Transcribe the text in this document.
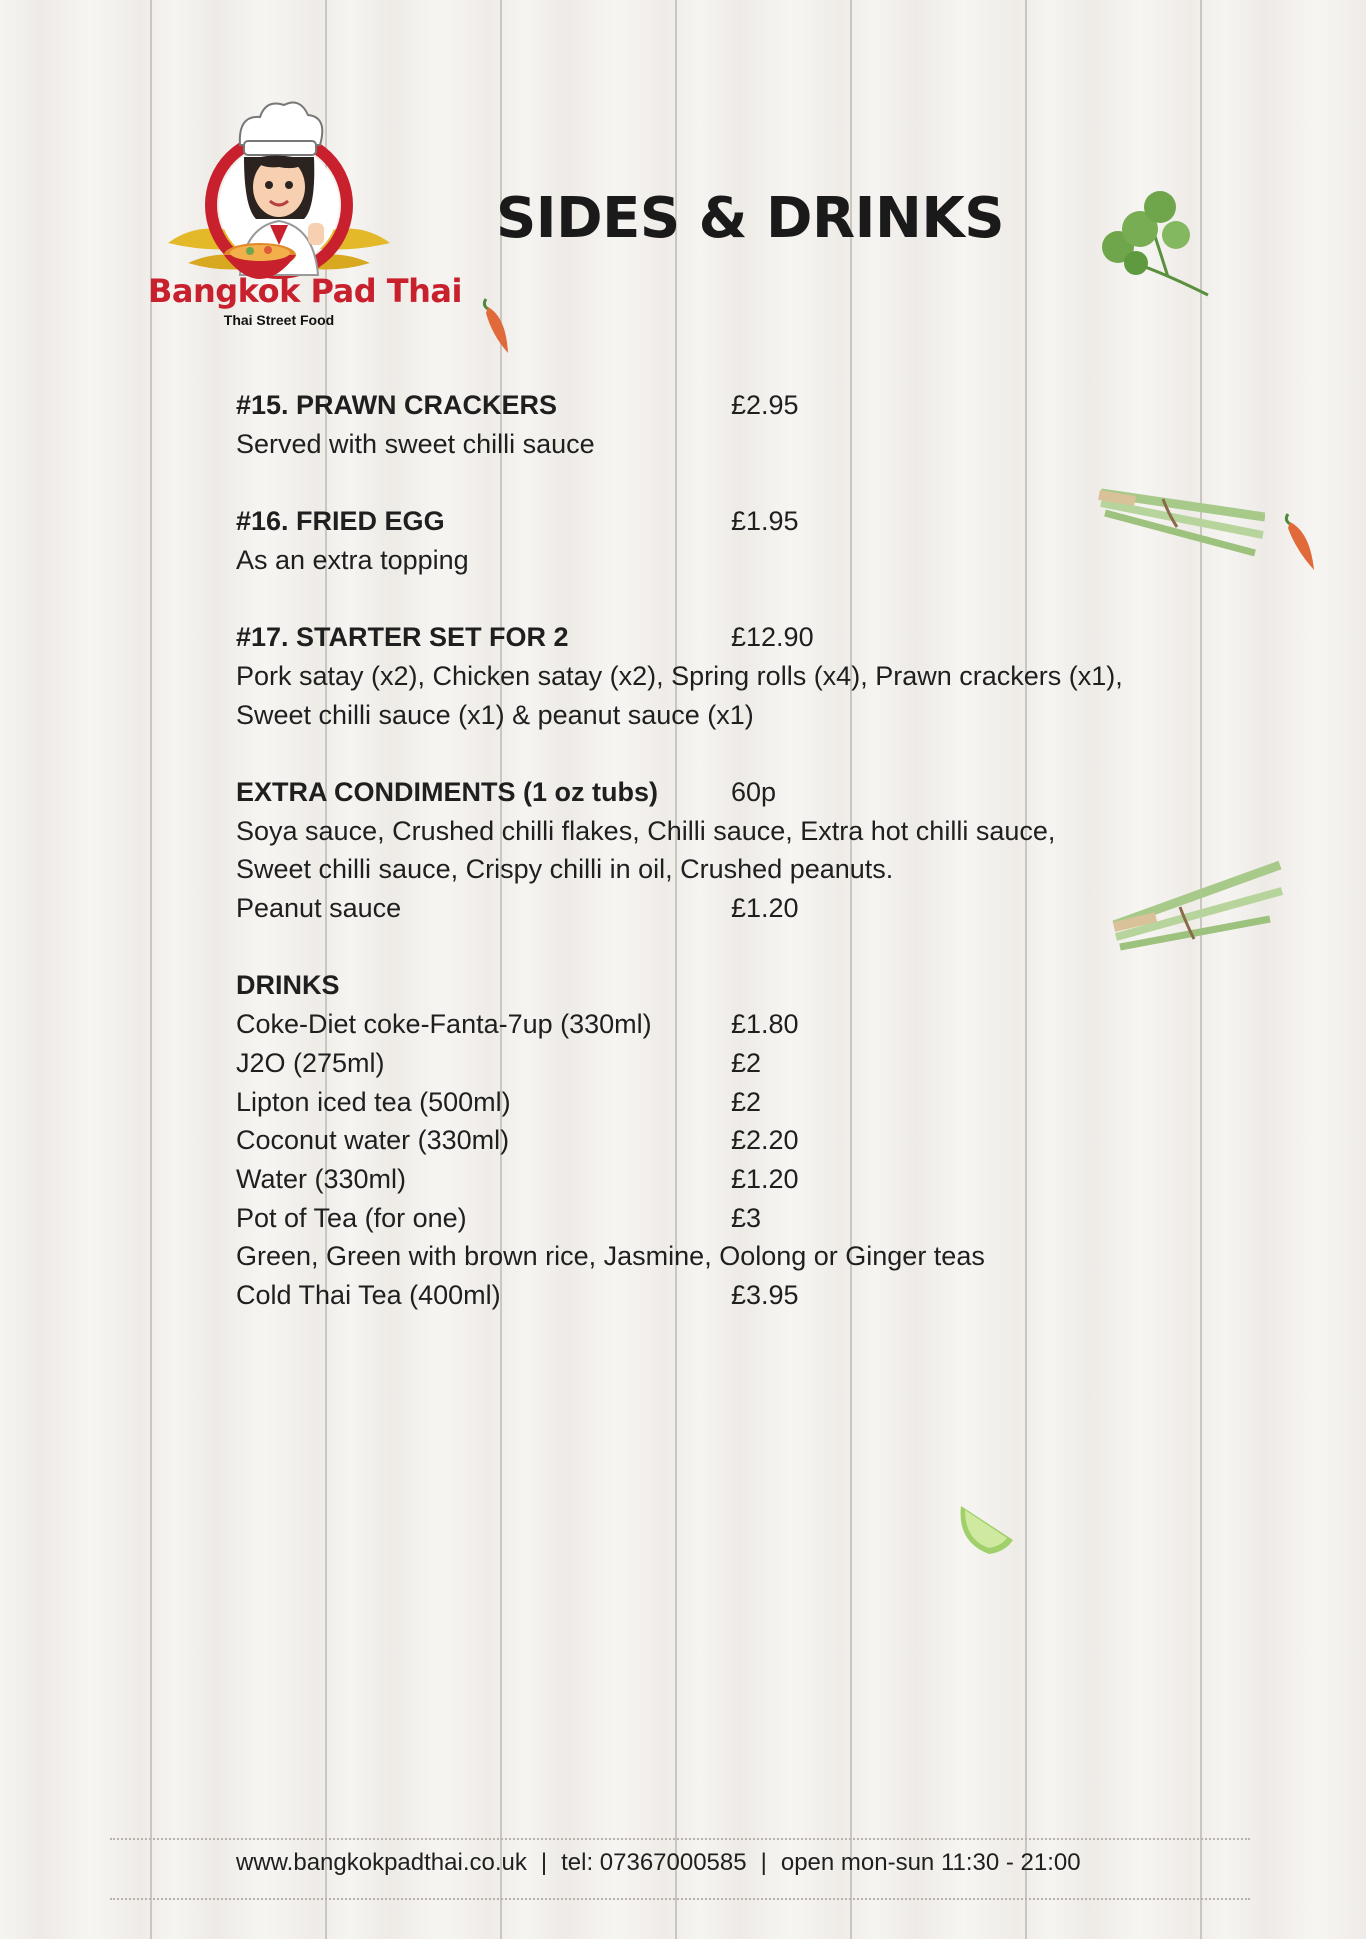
Bangkok Pad Thai
Thai Street Food
SIDES & DRINKS
#15. PRAWN CRACKERS	£2.95
Served with sweet chilli sauce
#16. FRIED EGG	£1.95
As an extra topping
#17. STARTER SET FOR 2	£12.90
Pork satay (x2), Chicken satay (x2), Spring rolls (x4), Prawn crackers (x1),
Sweet chilli sauce (x1) & peanut sauce (x1)
EXTRA CONDIMENTS (1 oz tubs)	60p
Soya sauce, Crushed chilli flakes, Chilli sauce, Extra hot chilli sauce,
Sweet chilli sauce, Crispy chilli in oil, Crushed peanuts.
Peanut sauce	£1.20
DRINKS
Coke-Diet coke-Fanta-7up (330ml)	£1.80
J2O (275ml)	£2
Lipton iced tea (500ml)	£2
Coconut water (330ml)	£2.20
Water (330ml)	£1.20
Pot of Tea (for one)	£3
Green, Green with brown rice, Jasmine, Oolong or Ginger teas
Cold Thai Tea (400ml)	£3.95
www.bangkokpadthai.co.uk | tel: 07367000585 | open mon-sun 11:30 - 21:00
